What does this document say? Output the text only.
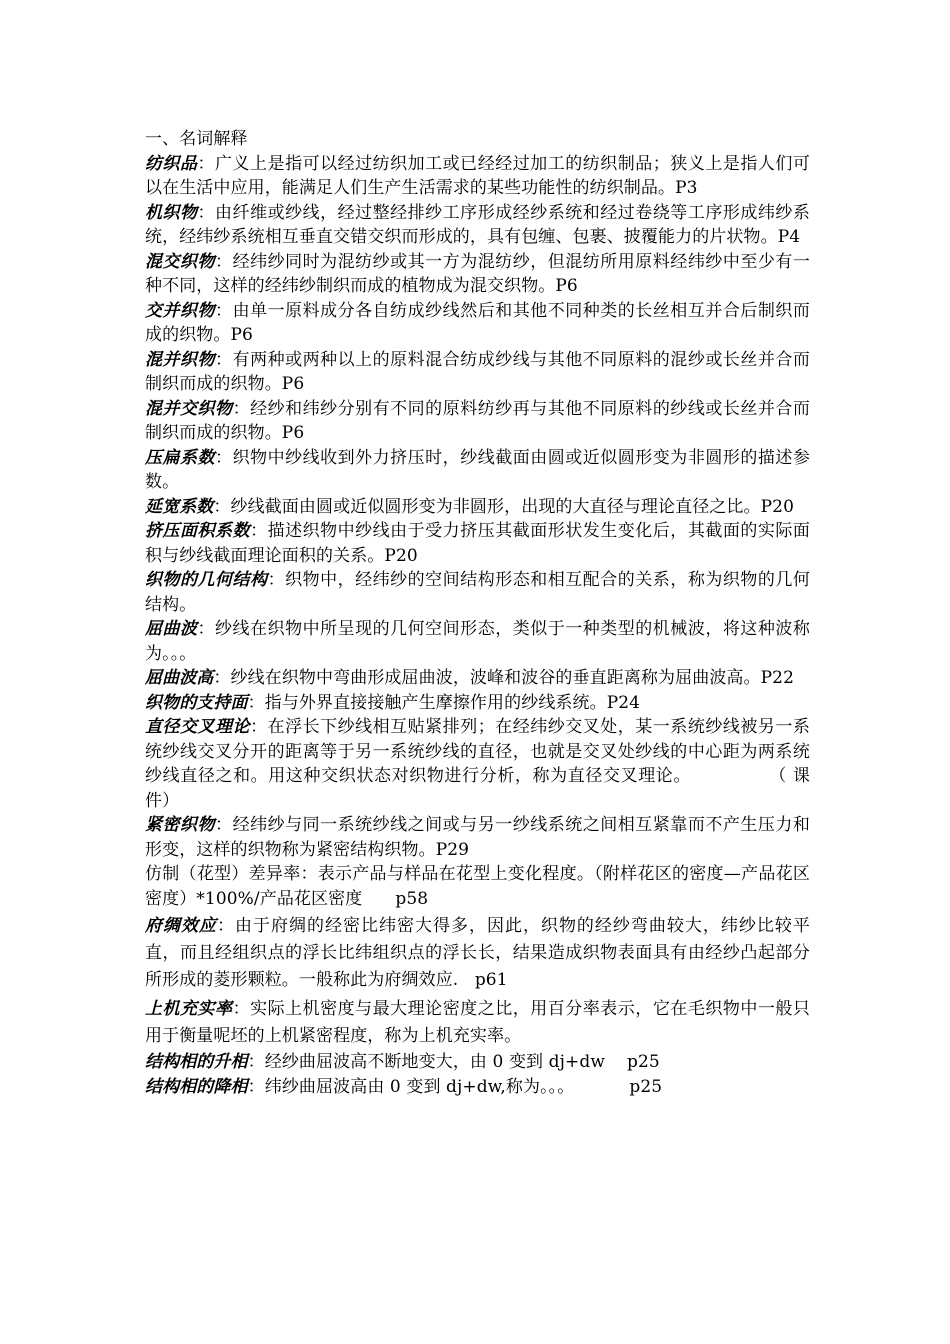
一、名词解释

纺织品：广义上是指可以经过纺织加工或已经经过加工的纺织制品；狭义上是指人们可以在生活中应用，能满足人们生产生活需求的某些功能性的纺织制品。P3

机织物：由纤维或纱线，经过整经排纱工序形成经纱系统和经过卷绕等工序形成纬纱系统，经纬纱系统相互垂直交错交织而形成的，具有包缠、包裹、披覆能力的片状物。P4

混交织物：经纬纱同时为混纺纱或其一方为混纺纱，但混纺所用原料经纬纱中至少有一种不同，这样的经纬纱制织而成的植物成为混交织物。P6

交并织物：由单一原料成分各自纺成纱线然后和其他不同种类的长丝相互并合后制织而成的织物。P6

混并织物：有两种或两种以上的原料混合纺成纱线与其他不同原料的混纱或长丝并合而制织而成的织物。P6

混并交织物：经纱和纬纱分别有不同的原料纺纱再与其他不同原料的纱线或长丝并合而制织而成的织物。P6

压扁系数：织物中纱线收到外力挤压时，纱线截面由圆或近似圆形变为非圆形的描述参数。

延宽系数：纱线截面由圆或近似圆形变为非圆形，出现的大直径与理论直径之比。P20

挤压面积系数：描述织物中纱线由于受力挤压其截面形状发生变化后，其截面的实际面积与纱线截面理论面积的关系。P20

织物的几何结构：织物中，经纬纱的空间结构形态和相互配合的关系，称为织物的几何结构。

屈曲波：纱线在织物中所呈现的几何空间形态，类似于一种类型的机械波，将这种波称为。。。

屈曲波高：纱线在织物中弯曲形成屈曲波，波峰和波谷的垂直距离称为屈曲波高。P22

织物的支持面：指与外界直接接触产生摩擦作用的纱线系统。P24

直径交叉理论：在浮长下纱线相互贴紧排列；在经纬纱交叉处，某一系统纱线被另一系统纱线交叉分开的距离等于另一系统纱线的直径，也就是交叉处纱线的中心距为两系统纱线直径之和。用这种交织状态对织物进行分析，称为直径交叉理论。             （ 课件）

紧密织物：经纬纱与同一系统纱线之间或与另一纱线系统之间相互紧靠而不产生压力和形变，这样的织物称为紧密结构织物。P29

仿制（花型）差异率：表示产品与样品在花型上变化程度。（附样花区的密度—产品花区密度）*100%/产品花区密度      p58

府绸效应：由于府绸的经密比纬密大得多，因此，织物的经纱弯曲较大，纬纱比较平直，而且经组织点的浮长比纬组织点的浮长长，结果造成织物表面具有由经纱凸起部分所形成的菱形颗粒。一般称此为府绸效应.   p61

上机充实率：实际上机密度与最大理论密度之比，用百分率表示，它在毛织物中一般只用于衡量呢坯的上机紧密程度，称为上机充实率。

结构相的升相：经纱曲屈波高不断地变大，由 0 变到 dj+dw    p25

结构相的降相：纬纱曲屈波高由 0 变到 dj+dw,称为。。。          p25
